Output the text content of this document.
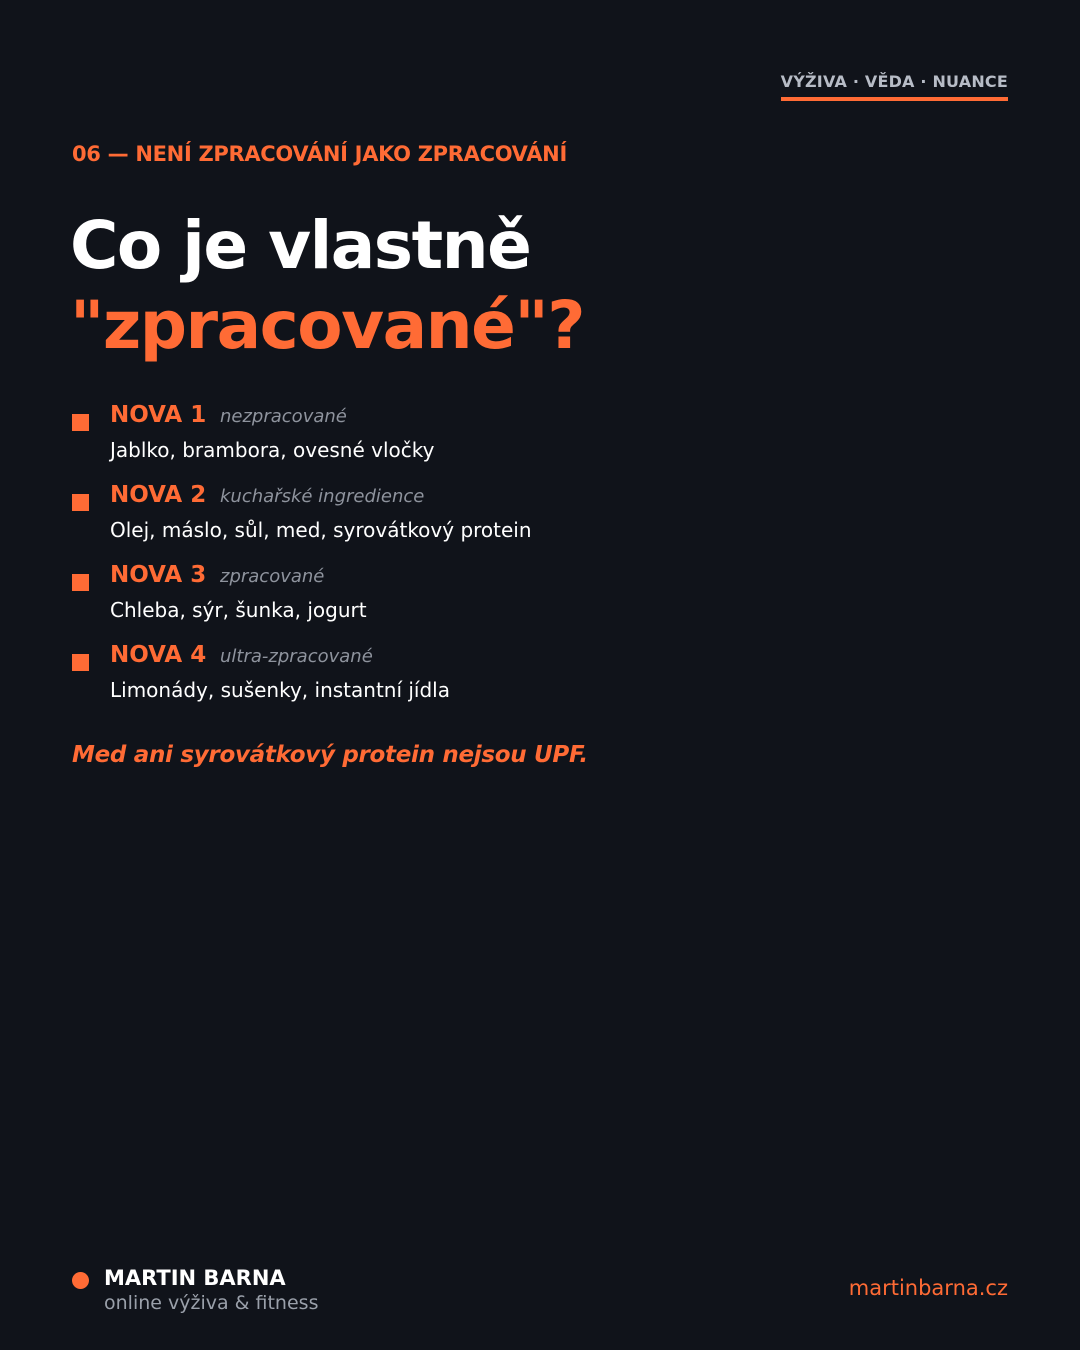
VÝŽIVA · VĚDA · NUANCE
06 — NENÍ ZPRACOVÁNÍ JAKO ZPRACOVÁNÍ
Co je vlastně
"zpracované"?
NOVA 1 nezpracované
Jablko, brambora, ovesné vločky
NOVA 2 kuchařské ingredience
Olej, máslo, sůl, med, syrovátkový protein
NOVA 3 zpracované
Chleba, sýr, šunka, jogurt
NOVA 4 ultra-zpracované
Limonády, sušenky, instantní jídla
Med ani syrovátkový protein nejsou UPF.
MARTIN BARNA
online výživa & fitness
martinbarna.cz
